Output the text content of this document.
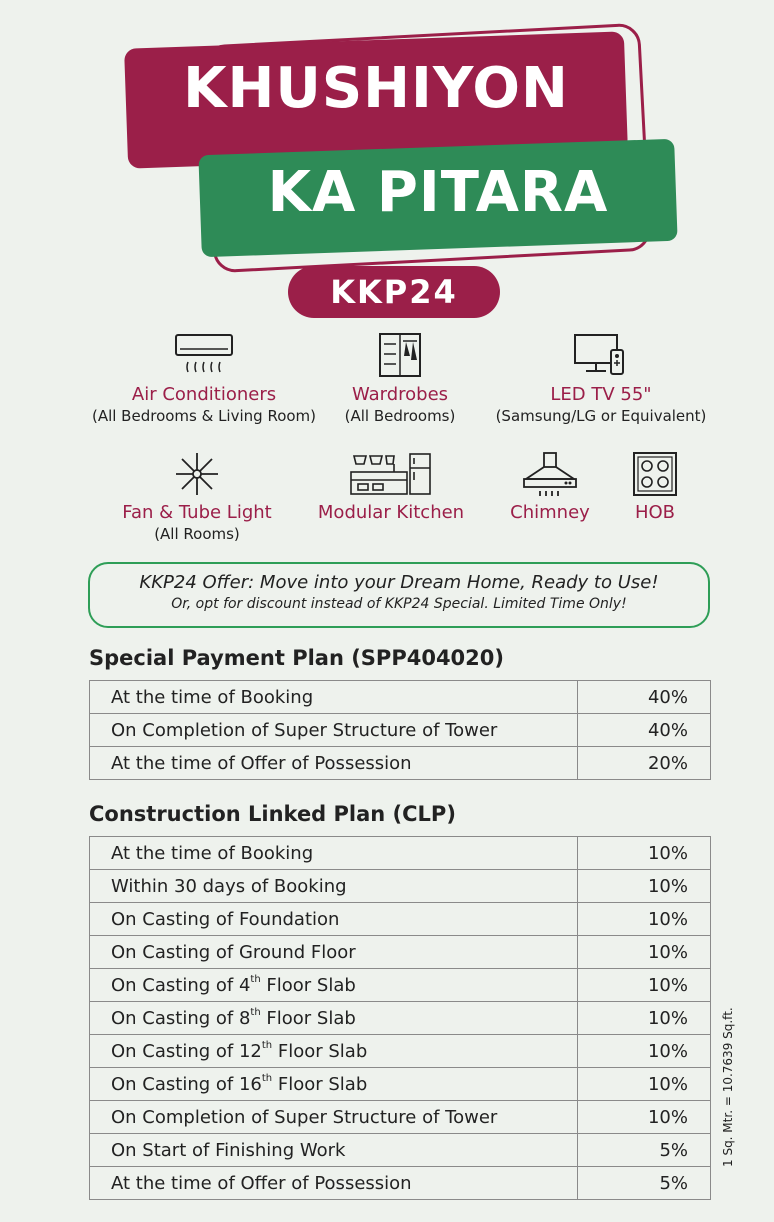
KHUSHIYON
KA PITARA
KKP24
Air Conditioners
(All Bedrooms & Living Room)
Wardrobes
(All Bedrooms)
LED TV 55"
(Samsung/LG or Equivalent)
Fan & Tube Light
(All Rooms)
Modular Kitchen	Chimney	HOB
KKP24 Offer: Move into your Dream Home, Ready to Use!
Or, opt for discount instead of KKP24 Special. Limited Time Only!
Special Payment Plan (SPP404020)
At the time of Booking	40%
On Completion of Super Structure of Tower	40%
At the time of Offer of Possession	20%
Construction Linked Plan (CLP)
At the time of Booking	10%
Within 30 days of Booking	10%
On Casting of Foundation	10%
On Casting of Ground Floor	10%
On Casting of 4th Floor Slab	10%
On Casting of 8th Floor Slab	10%
On Casting of 12th Floor Slab	10%
On Casting of 16th Floor Slab	10%
On Completion of Super Structure of Tower	10%
On Start of Finishing Work	5%
At the time of Offer of Possession	5%
1 Sq. Mtr. = 10.7639 Sq.ft.
